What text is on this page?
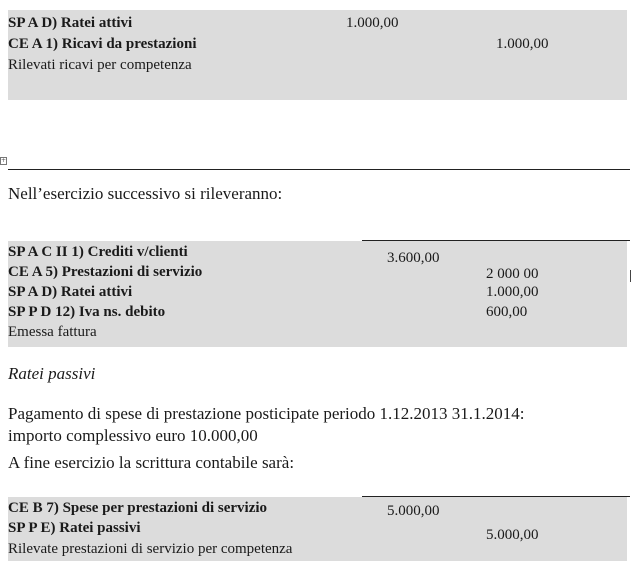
SP A D) Ratei attivi	1.000,00
CE A 1) Ricavi da prestazioni	1.000,00
Rilevati ricavi per competenza
+
Nell’esercizio successivo si rileveranno:
SP A C II 1) Crediti v/clienti	3.600,00
CE A 5) Prestazioni di servizio	2 000 00
SP A D) Ratei attivi	1.000,00
SP P D 12) Iva ns. debito	600,00
Emessa fattura
Ratei passivi
Pagamento di spese di prestazione posticipate periodo 1.12.2013 31.1.2014:
importo complessivo euro 10.000,00
A fine esercizio la scrittura contabile sarà:
CE B 7) Spese per prestazioni di servizio	5.000,00
SP P E) Ratei passivi	5.000,00
Rilevate prestazioni di servizio per competenza
